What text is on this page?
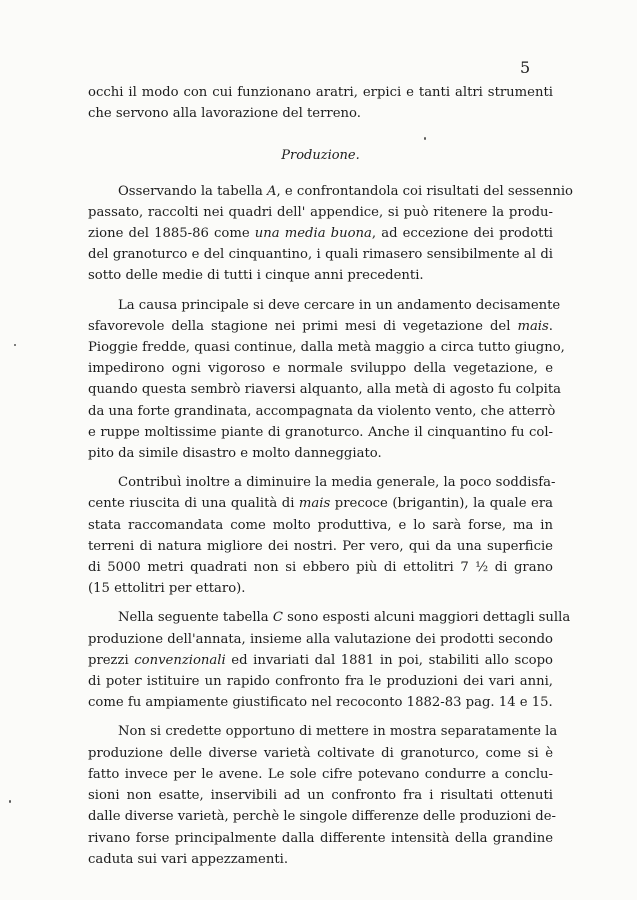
5
occhi il modo con cui funzionano aratri, erpici e tanti altri strumenti
che servono alla lavorazione del terreno.
Produzione.
Osservando la tabella A, e confrontandola coi risultati del sessennio
passato, raccolti nei quadri dell' appendice, si può ritenere la produ-
zione del 1885-86 come una media buona, ad eccezione dei prodotti
del granoturco e del cinquantino, i quali rimasero sensibilmente al di
sotto delle medie di tutti i cinque anni precedenti.
La causa principale si deve cercare in un andamento decisamente
sfavorevole della stagione nei primi mesi di vegetazione del mais.
Pioggie fredde, quasi continue, dalla metà maggio a circa tutto giugno,
impedirono ogni vigoroso e normale sviluppo della vegetazione, e
quando questa sembrò riaversi alquanto, alla metà di agosto fu colpita
da una forte grandinata, accompagnata da violento vento, che atterrò
e ruppe moltissime piante di granoturco. Anche il cinquantino fu col-
pito da simile disastro e molto danneggiato.
Contribuì inoltre a diminuire la media generale, la poco soddisfa-
cente riuscita di una qualità di mais precoce (brigantin), la quale era
stata raccomandata come molto produttiva, e lo sarà forse, ma in
terreni di natura migliore dei nostri. Per vero, qui da una superficie
di 5000 metri quadrati non si ebbero più di ettolitri 7 ½ di grano
(15 ettolitri per ettaro).
Nella seguente tabella C sono esposti alcuni maggiori dettagli sulla
produzione dell'annata, insieme alla valutazione dei prodotti secondo
prezzi convenzionali ed invariati dal 1881 in poi, stabiliti allo scopo
di poter istituire un rapido confronto fra le produzioni dei vari anni,
come fu ampiamente giustificato nel recoconto 1882-83 pag. 14 e 15.
Non si credette opportuno di mettere in mostra separatamente la
produzione delle diverse varietà coltivate di granoturco, come si è
fatto invece per le avene. Le sole cifre potevano condurre a conclu-
sioni non esatte, inservibili ad un confronto fra i risultati ottenuti
dalle diverse varietà, perchè le singole differenze delle produzioni de-
rivano forse principalmente dalla differente intensità della grandine
caduta sui vari appezzamenti.
